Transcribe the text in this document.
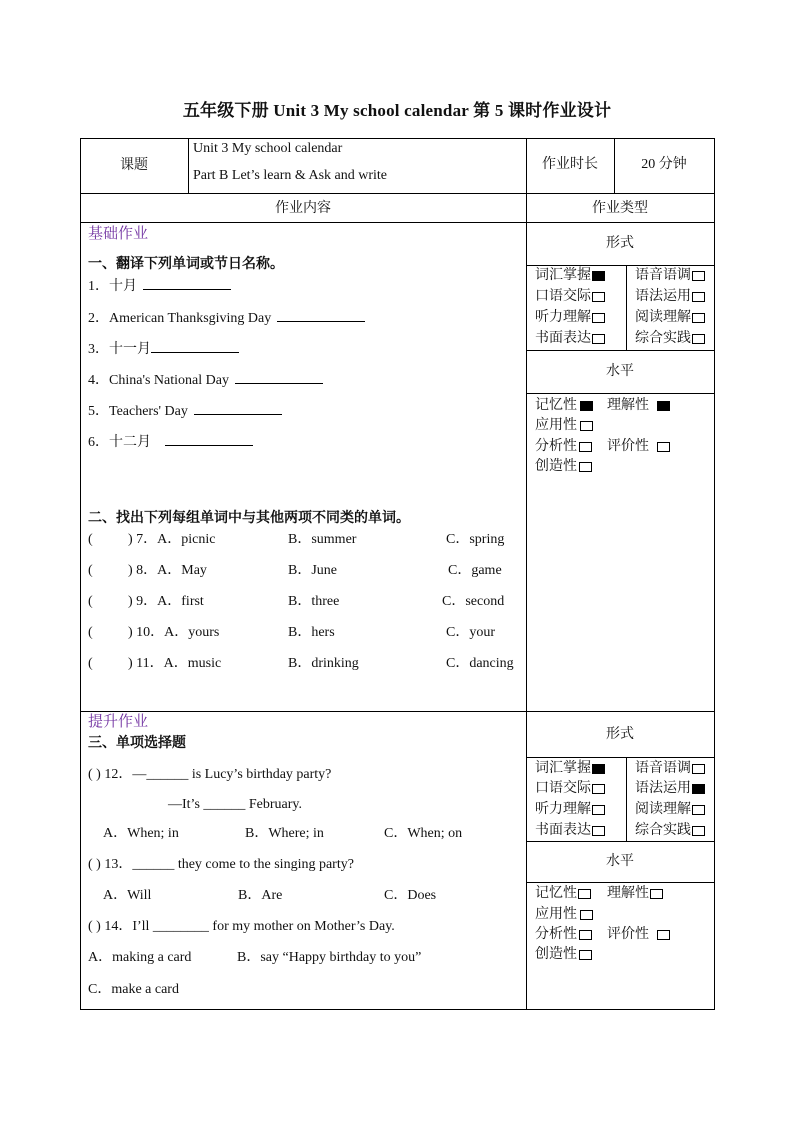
五年级下册 Unit 3 My school calendar 第 5 课时作业设计
课题
Unit 3 My school calendar
Part B Let’s learn & Ask and write
作业时长	20 分钟
作业内容	作业类型
基础作业
一、翻译下列单词或节日名称。
1．十月
2．American Thanksgiving Day
3．十一月
4．China's National Day
5．Teachers' Day
6．十二月
二、找出下列每组单词中与其他两项不同类的单词。
(	) 7．A．picnic	B．summer	C．spring
(	) 8．A．May	B．June	C．game
(	) 9．A．first	B．three	C．second
(	) 10．A．yours	B．hers	C．your
(	) 11．A．music	B．drinking	C．dancing
形式
词汇掌握	语音语调
口语交际	语法运用
听力理解	阅读理解
书面表达	综合实践
水平
记忆性	理解性
应用性
分析性	评价性
创造性
提升作业
三、单项选择题
( ) 12．—______ is Lucy’s birthday party?
—It’s ______ February.
A．When; in	B．Where; in	C．When; on
( ) 13．______ they come to the singing party?
A．Will	B．Are	C．Does
( ) 14．I’ll ________ for my mother on Mother’s Day.
A．making a card	B．say “Happy birthday to you”
C．make a card
形式
词汇掌握	语音语调
口语交际	语法运用
听力理解	阅读理解
书面表达	综合实践
水平
记忆性	理解性
应用性
分析性	评价性
创造性
